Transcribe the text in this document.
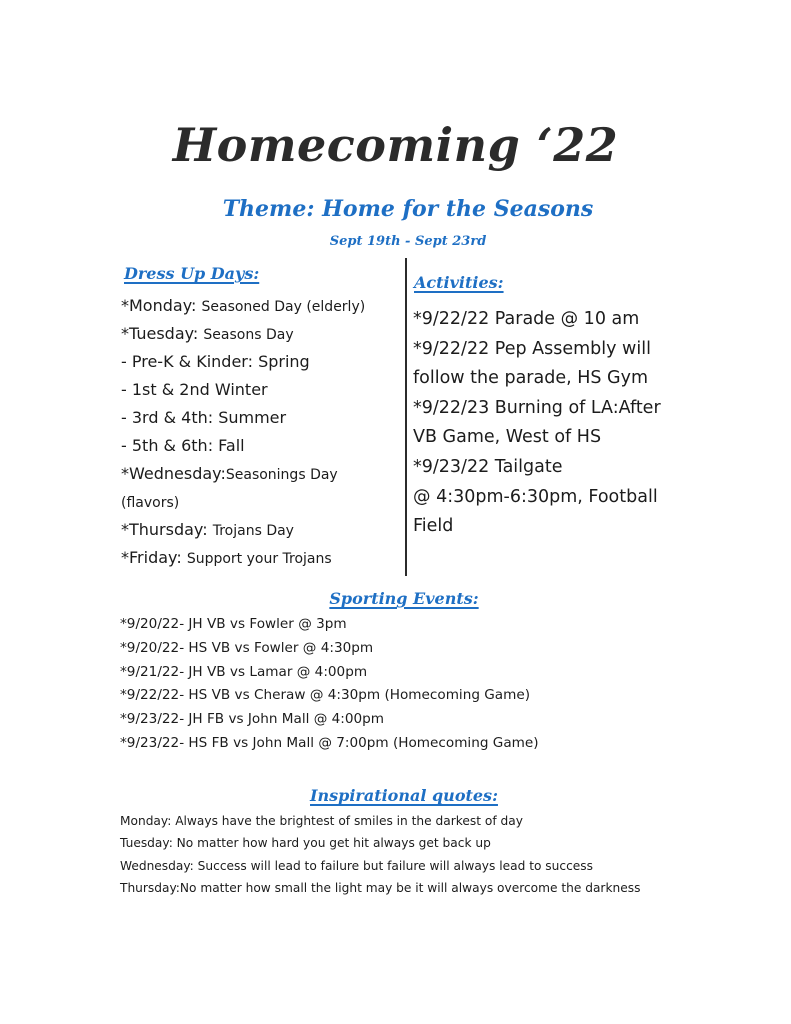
Homecoming ‘22
Theme: Home for the Seasons
Sept 19th - Sept 23rd
Dress Up Days:	Activities:
*Monday: Seasoned Day (elderly)
*Tuesday: Seasons Day
- Pre-K & Kinder: Spring
- 1st & 2nd Winter
- 3rd & 4th: Summer
- 5th & 6th: Fall
*Wednesday:Seasonings Day
(flavors)
*Thursday: Trojans Day
*Friday: Support your Trojans
*9/22/22 Parade @ 10 am
*9/22/22 Pep Assembly will
follow the parade, HS Gym
*9/22/23 Burning of LA:After
VB Game, West of HS
*9/23/22 Tailgate
@ 4:30pm-6:30pm, Football
Field
Sporting Events:
*9/20/22- JH VB vs Fowler @ 3pm
*9/20/22- HS VB vs Fowler @ 4:30pm
*9/21/22- JH VB vs Lamar @ 4:00pm
*9/22/22- HS VB vs Cheraw @ 4:30pm (Homecoming Game)
*9/23/22- JH FB vs John Mall @ 4:00pm
*9/23/22- HS FB vs John Mall @ 7:00pm (Homecoming Game)
Inspirational quotes:
Monday: Always have the brightest of smiles in the darkest of day
Tuesday: No matter how hard you get hit always get back up
Wednesday: Success will lead to failure but failure will always lead to success
Thursday:No matter how small the light may be it will always overcome the darkness
